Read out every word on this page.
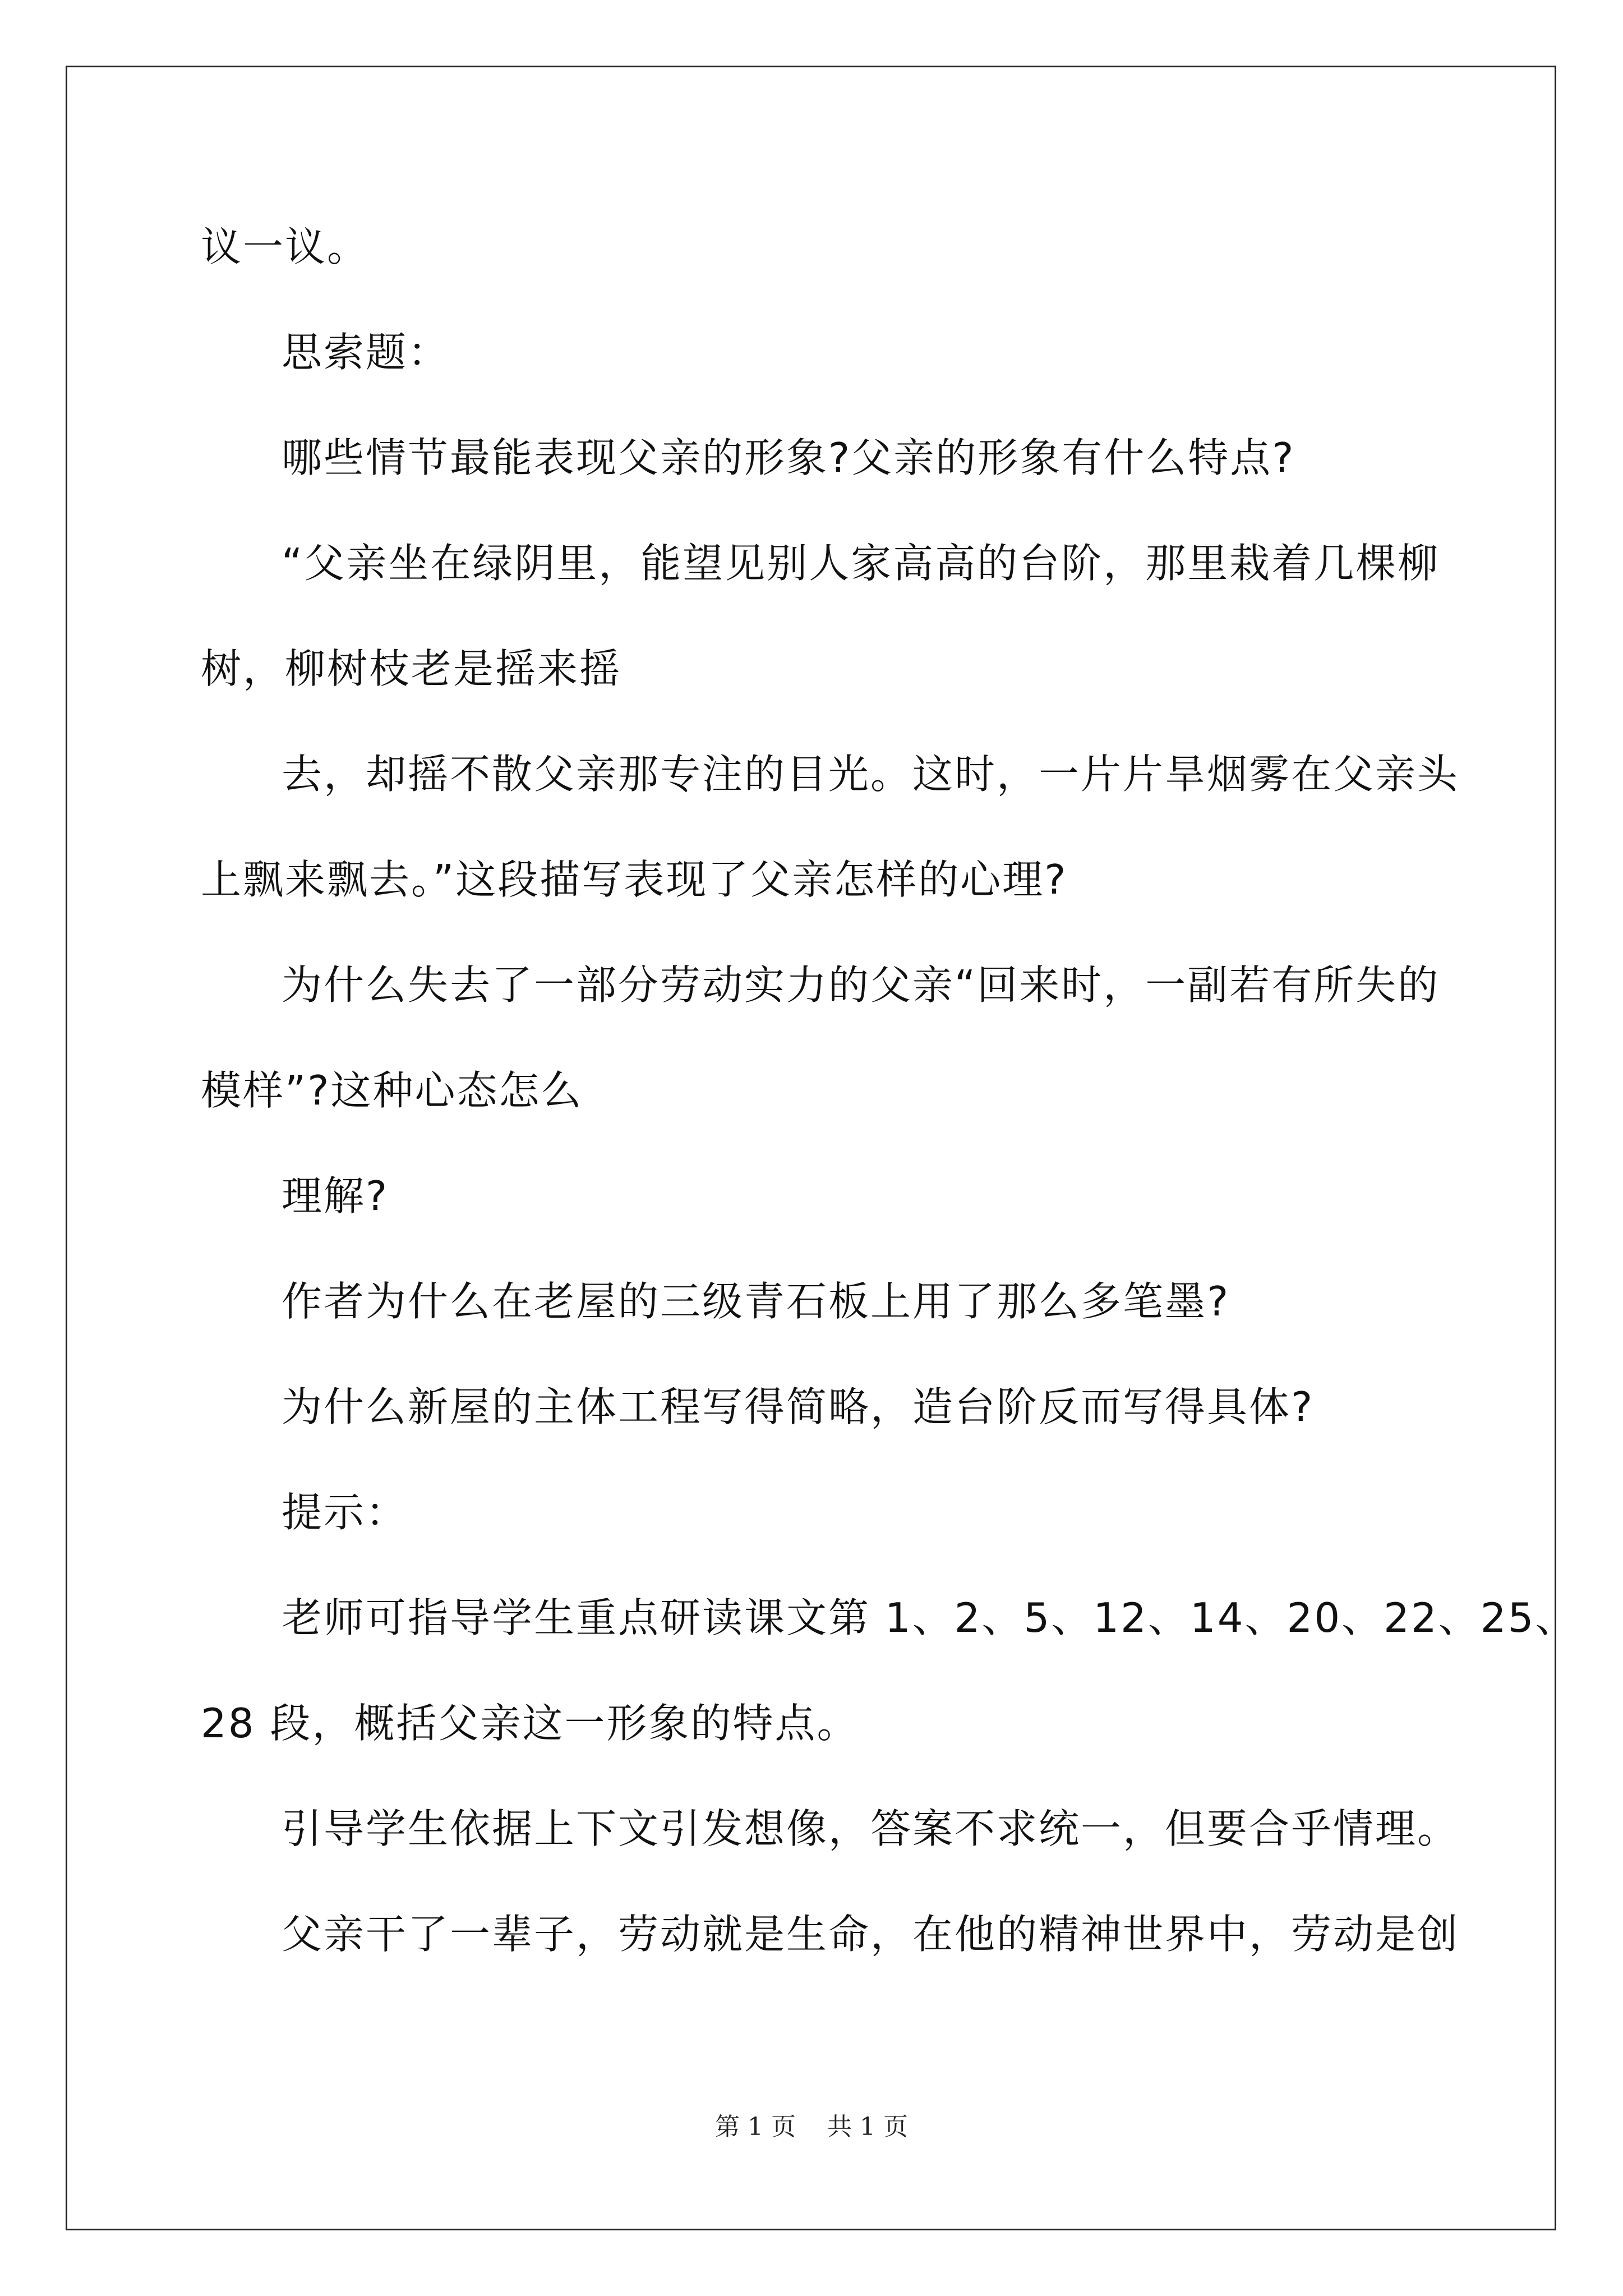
议一议。

思索题：

哪些情节最能表现父亲的形象?父亲的形象有什么特点?

“父亲坐在绿阴里，能望见别人家高高的台阶，那里栽着几棵柳

树，柳树枝老是摇来摇

去，却摇不散父亲那专注的目光。这时，一片片旱烟雾在父亲头

上飘来飘去。”这段描写表现了父亲怎样的心理?

为什么失去了一部分劳动实力的父亲“回来时，一副若有所失的

模样”?这种心态怎么

理解?

作者为什么在老屋的三级青石板上用了那么多笔墨?

为什么新屋的主体工程写得简略，造台阶反而写得具体?

提示：

老师可指导学生重点研读课文第 1、2、5、12、14、20、22、25、

28 段，概括父亲这一形象的特点。

引导学生依据上下文引发想像，答案不求统一，但要合乎情理。

父亲干了一辈子，劳动就是生命，在他的精神世界中，劳动是创

第 1 页 共 1 页
